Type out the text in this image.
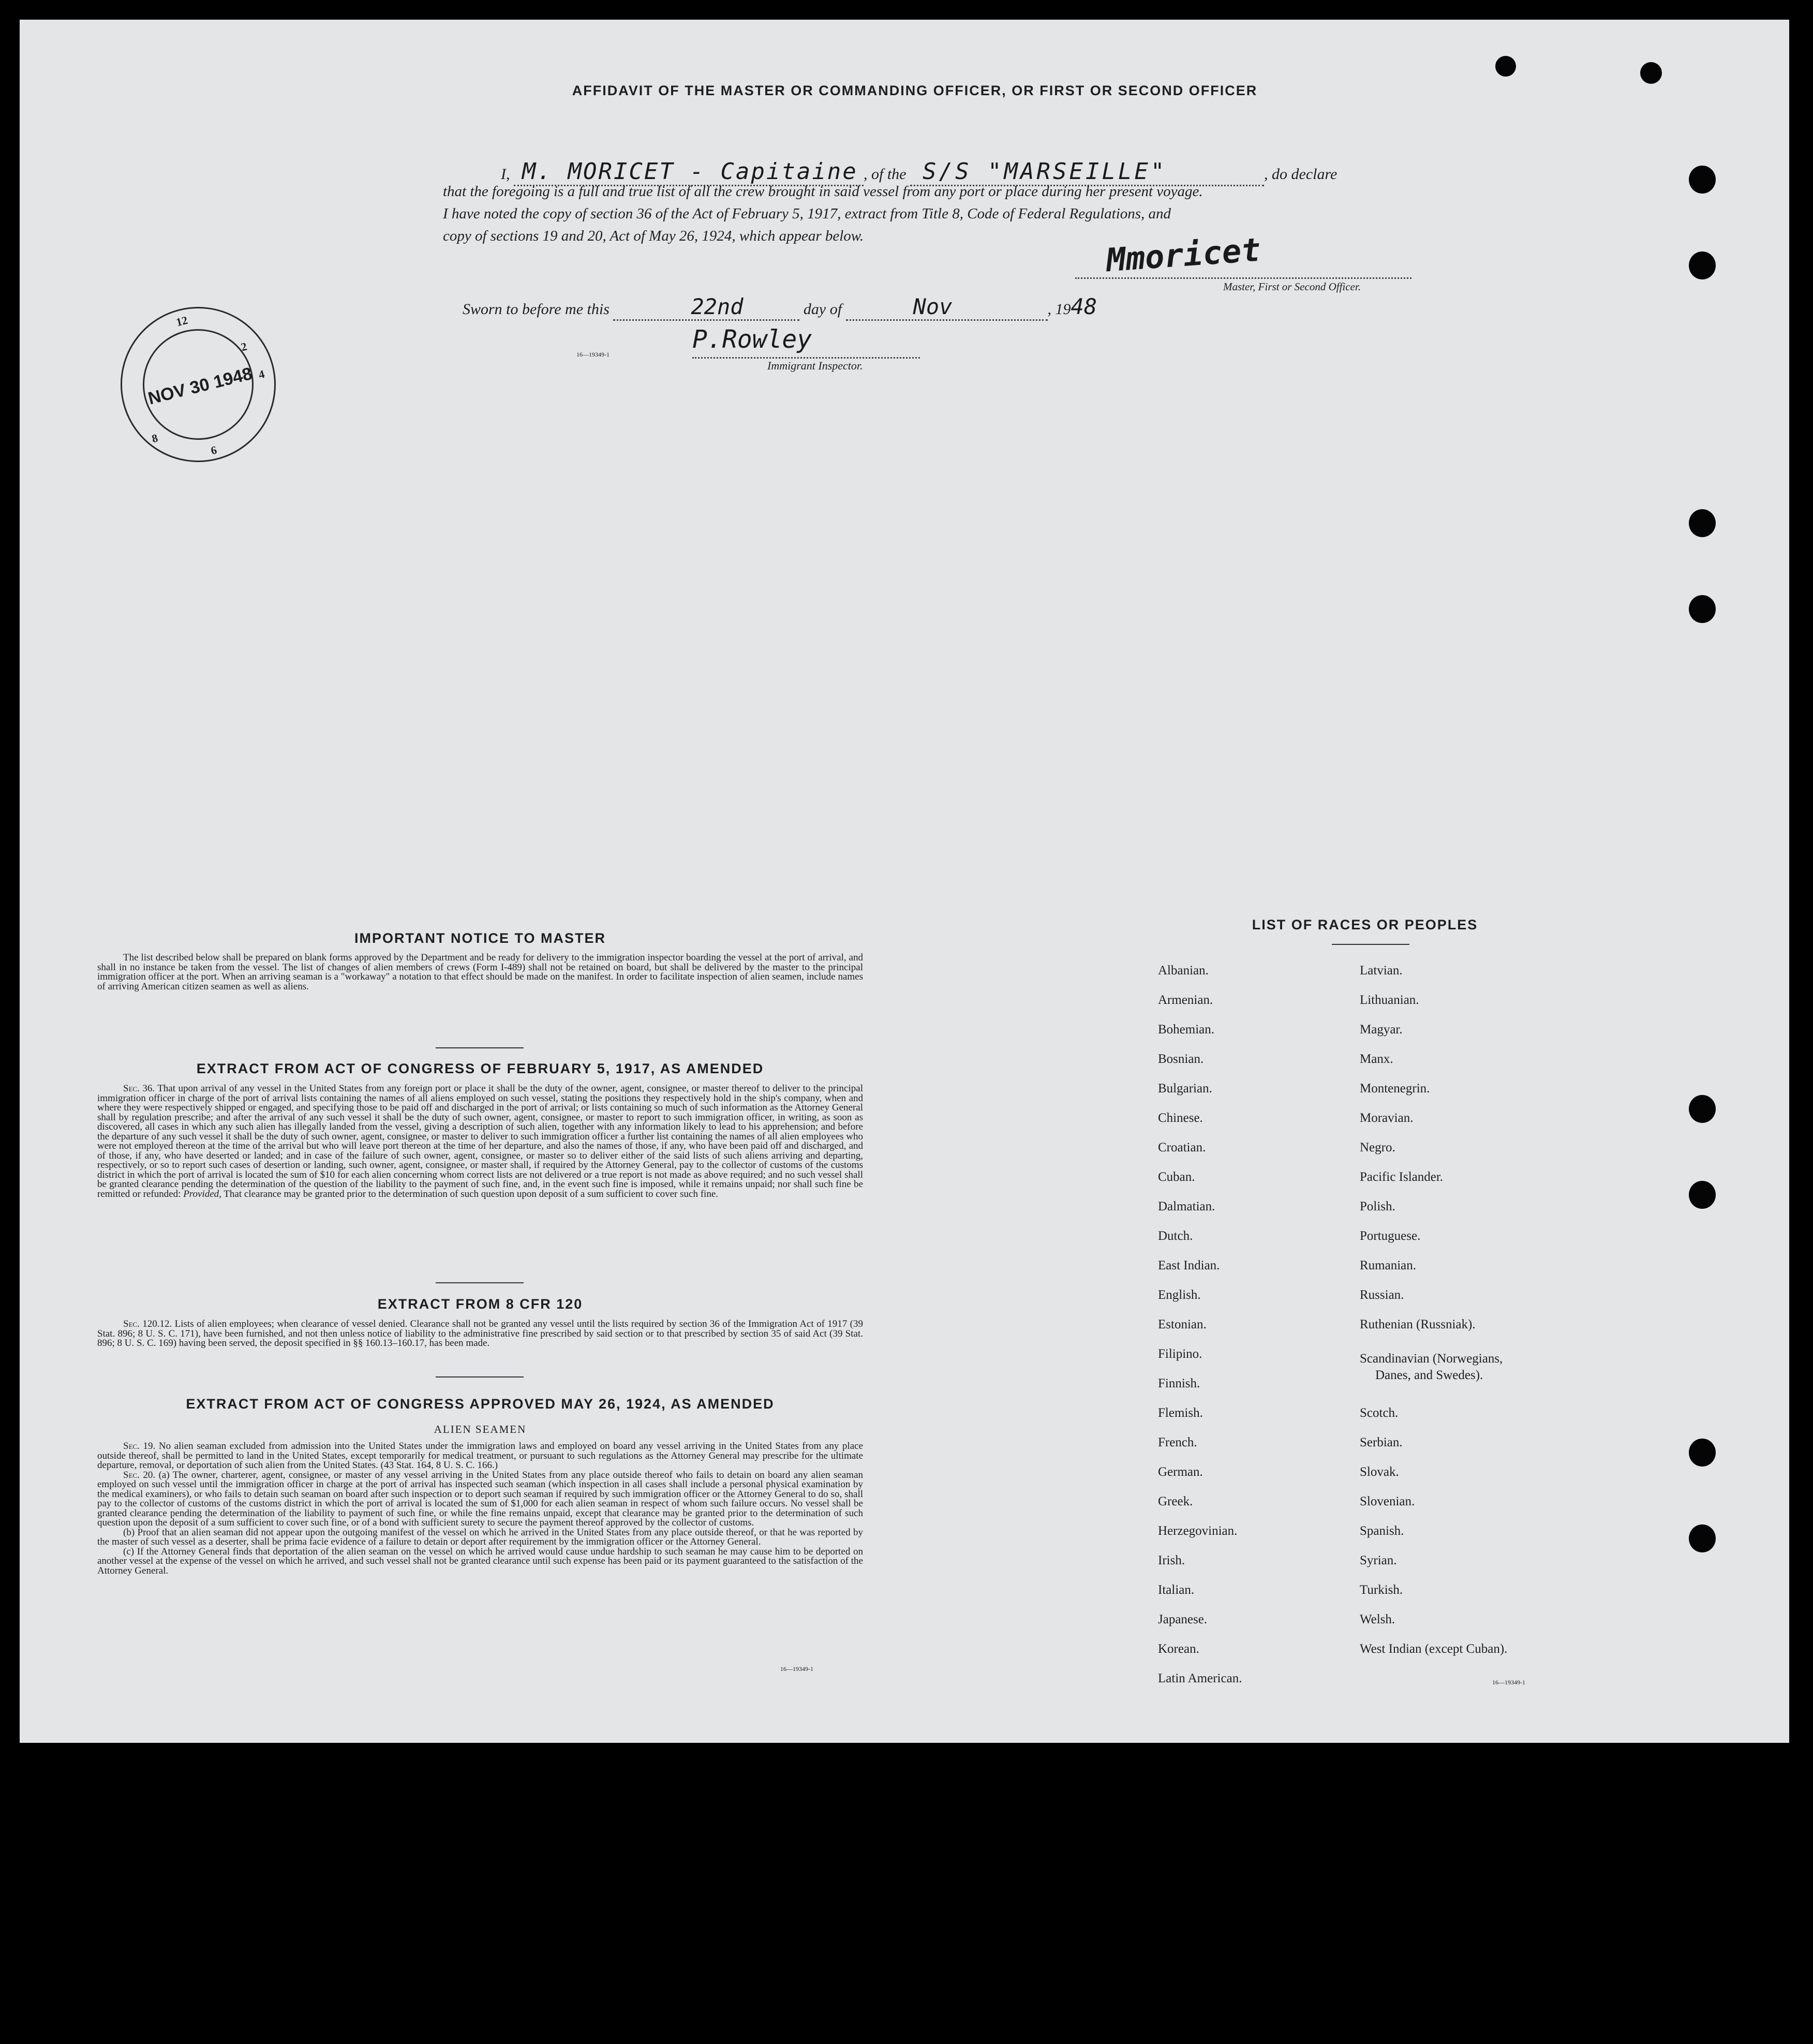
AFFIDAVIT OF THE MASTER OR COMMANDING OFFICER, OR FIRST OR SECOND OFFICER
I, M. MORICET - Capitaine , of the S/S "MARSEILLE"	, do declare
that the foregoing is a full and true list of all the crew brought in said vessel from any port or place during her present voyage.
I have noted the copy of section 36 of the Act of February 5, 1917, extract from Title 8, Code of Federal Regulations, and
copy of sections 19 and 20, Act of May 26, 1924, which appear below.	Mmoricet
Master, First or Second Officer.
Sworn to before me this	22nd	day of	Nov	, 1948
P.Rowley
16—19349-1
Immigrant Inspector.
12
2
4
6
8
NOV 30 1948
IMPORTANT NOTICE TO MASTER

The list described below shall be prepared on blank forms approved by the Department and be ready for delivery to the immigration inspector boarding the vessel at the port of arrival, and shall in no instance be taken from the vessel. The list of changes of alien members of crews (Form I-489) shall not be retained on board, but shall be delivered by the master to the principal immigration officer at the port. When an arriving seaman is a "workaway" a notation to that effect should be made on the manifest. In order to facilitate inspection of alien seamen, include names of arriving American citizen seamen as well as aliens.

EXTRACT FROM ACT OF CONGRESS OF FEBRUARY 5, 1917, AS AMENDED

Sec. 36. That upon arrival of any vessel in the United States from any foreign port or place it shall be the duty of the owner, agent, consignee, or master thereof to deliver to the principal immigration officer in charge of the port of arrival lists containing the names of all aliens employed on such vessel, stating the positions they respectively hold in the ship's company, when and where they were respectively shipped or engaged, and specifying those to be paid off and discharged in the port of arrival; or lists containing so much of such information as the Attorney General shall by regulation prescribe; and after the arrival of any such vessel it shall be the duty of such owner, agent, consignee, or master to report to such immigration officer, in writing, as soon as discovered, all cases in which any such alien has illegally landed from the vessel, giving a description of such alien, together with any information likely to lead to his apprehension; and before the departure of any such vessel it shall be the duty of such owner, agent, consignee, or master to deliver to such immigration officer a further list containing the names of all alien employees who were not employed thereon at the time of the arrival but who will leave port thereon at the time of her departure, and also the names of those, if any, who have been paid off and discharged, and of those, if any, who have deserted or landed; and in case of the failure of such owner, agent, consignee, or master so to deliver either of the said lists of such aliens arriving and departing, respectively, or so to report such cases of desertion or landing, such owner, agent, consignee, or master shall, if required by the Attorney General, pay to the collector of customs of the customs district in which the port of arrival is located the sum of $10 for each alien concerning whom correct lists are not delivered or a true report is not made as above required; and no such vessel shall be granted clearance pending the determination of the question of the liability to the payment of such fine, and, in the event such fine is imposed, while it remains unpaid; nor shall such fine be remitted or refunded: Provided, That clearance may be granted prior to the determination of such question upon deposit of a sum sufficient to cover such fine.

EXTRACT FROM 8 CFR 120

Sec. 120.12. Lists of alien employees; when clearance of vessel denied. Clearance shall not be granted any vessel until the lists required by section 36 of the Immigration Act of 1917 (39 Stat. 896; 8 U. S. C. 171), have been furnished, and not then unless notice of liability to the administrative fine prescribed by said section or to that prescribed by section 35 of said Act (39 Stat. 896; 8 U. S. C. 169) having been served, the deposit specified in §§ 160.13–160.17, has been made.

EXTRACT FROM ACT OF CONGRESS APPROVED MAY 26, 1924, AS AMENDED
ALIEN SEAMEN

Sec. 19. No alien seaman excluded from admission into the United States under the immigration laws and employed on board any vessel arriving in the United States from any place outside thereof, shall be permitted to land in the United States, except temporarily for medical treatment, or pursuant to such regulations as the Attorney General may prescribe for the ultimate departure, removal, or deportation of such alien from the United States. (43 Stat. 164, 8 U. S. C. 166.)

Sec. 20. (a) The owner, charterer, agent, consignee, or master of any vessel arriving in the United States from any place outside thereof who fails to detain on board any alien seaman employed on such vessel until the immigration officer in charge at the port of arrival has inspected such seaman (which inspection in all cases shall include a personal physical examination by the medical examiners), or who fails to detain such seaman on board after such inspection or to deport such seaman if required by such immigration officer or the Attorney General to do so, shall pay to the collector of customs of the customs district in which the port of arrival is located the sum of $1,000 for each alien seaman in respect of whom such failure occurs. No vessel shall be granted clearance pending the determination of the liability to payment of such fine, or while the fine remains unpaid, except that clearance may be granted prior to the determination of such question upon the deposit of a sum sufficient to cover such fine, or of a bond with sufficient surety to secure the payment thereof approved by the collector of customs.

(b) Proof that an alien seaman did not appear upon the outgoing manifest of the vessel on which he arrived in the United States from any place outside thereof, or that he was reported by the master of such vessel as a deserter, shall be prima facie evidence of a failure to detain or deport after requirement by the immigration officer or the Attorney General.

(c) If the Attorney General finds that deportation of the alien seaman on the vessel on which he arrived would cause undue hardship to such seaman he may cause him to be deported on another vessel at the expense of the vessel on which he arrived, and such vessel shall not be granted clearance until such expense has been paid or its payment guaranteed to the satisfaction of the Attorney General.

16—19349-1
LIST OF RACES OR PEOPLES
Albanian.
Armenian.
Bohemian.
Bosnian.
Bulgarian.
Chinese.
Croatian.
Cuban.
Dalmatian.
Dutch.
East Indian.
English.
Estonian.
Filipino.
Finnish.
Flemish.
French.
German.
Greek.
Herzegovinian.
Irish.
Italian.
Japanese.
Korean.
Latin American.
Latvian.
Lithuanian.
Magyar.
Manx.
Montenegrin.
Moravian.
Negro.
Pacific Islander.
Polish.
Portuguese.
Rumanian.
Russian.
Ruthenian (Russniak).
Scandinavian (Norwegians,
Danes, and Swedes).
Scotch.
Serbian.
Slovak.
Slovenian.
Spanish.
Syrian.
Turkish.
Welsh.
West Indian (except Cuban).
16—19349-1
